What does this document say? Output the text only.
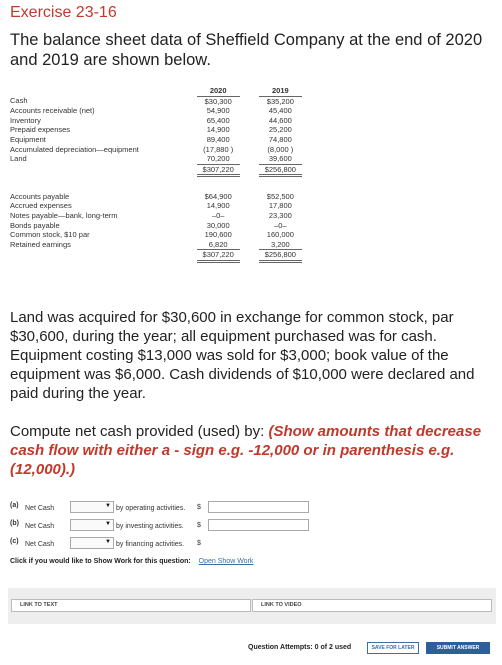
Exercise 23-16
The balance sheet data of Sheffield Company at the end of 2020 and 2019 are shown below.
	2020		2019
Cash	$30,300		$35,200
Accounts receivable (net)	54,900		45,400
Inventory	65,400		44,600
Prepaid expenses	14,900		25,200
Equipment	89,400		74,800
Accumulated depreciation—equipment	(17,880 )		(8,000 )
Land	70,200		39,600
	$307,220		$256,800

Accounts payable	$64,900		$52,500
Accrued expenses	14,900		17,800
Notes payable—bank, long-term	–0–		23,300
Bonds payable	30,000		–0–
Common stock, $10 par	190,600		160,000
Retained earnings	6,820		3,200
	$307,220		$256,800
Land was acquired for $30,600 in exchange for common stock, par $30,600, during the year; all equipment purchased was for cash. Equipment costing $13,000 was sold for $3,000; book value of the equipment was $6,000. Cash dividends of $10,000 were declared and paid during the year.
Compute net cash provided (used) by: (Show amounts that decrease cash flow with either a - sign e.g. -12,000 or in parenthesis e.g. (12,000).)
(a) Net Cash	▼ by operating activities. $
(b) Net Cash	▼ by investing activities. $
(c) Net Cash	▼ by financing activities. $
Click if you would like to Show Work for this question: Open Show Work
LINK TO TEXT	LINK TO VIDEO
Question Attempts: 0 of 2 used	SAVE FOR LATER	SUBMIT ANSWER
